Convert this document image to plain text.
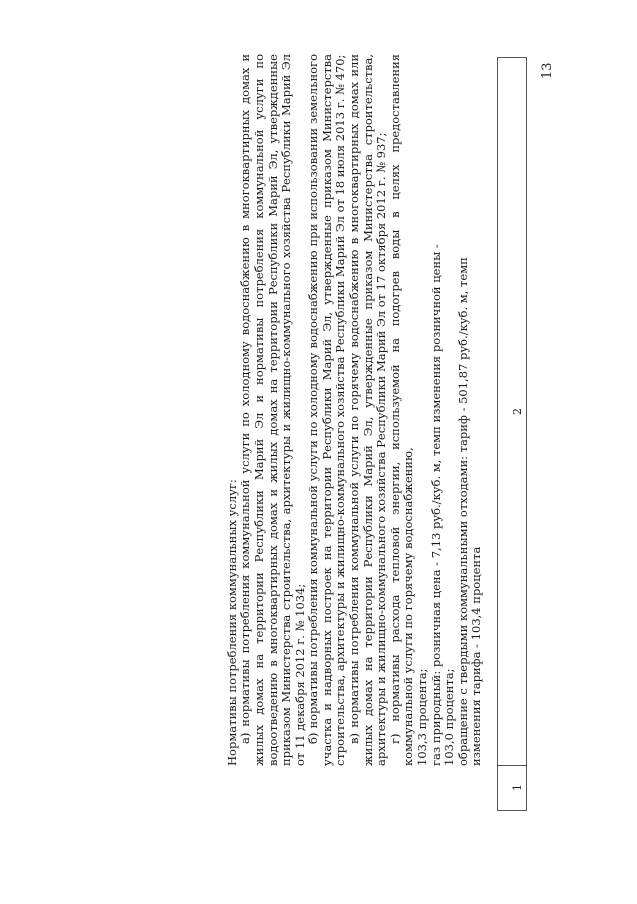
13
1
2

103,3 процента; газ природный: розничная цена - 7,13 руб./куб. м, темп изменения розничной цены - 103,0 процента; обращение с твердыми коммунальными отходами: тариф - 501,87 руб./куб. м, темп изменения тарифа - 103,4 процента

Нормативы потребления коммунальных услуг: а) нормативы потребления коммунальной услуги по холодному водоснабжению в многоквартирных домах и жилых домах на территории Республики Марий Эл и нормативы потребления коммунальной услуги по водоотведению в многоквартирных домах и жилых домах на территории Республики Марий Эл, утвержденные приказом Министерства строительства, архитектуры и жилищно-коммунального хозяйства Республики Марий Эл от 11 декабря 2012 г. № 1034; б) нормативы потребления коммунальной услуги по холодному водоснабжению при использовании земельного участка и надворных построек на территории Республики Марий Эл, утвержденные приказом Министерства строительства, архитектуры и жилищно-коммунального хозяйства Республики Марий Эл от 18 июля 2013 г. № 470; в) нормативы потребления коммунальной услуги по горячему водоснабжению в многоквартирных домах или жилых домах на территории Республики Марий Эл, утвержденные приказом Министерства строительства, архитектуры и жилищно-коммунального хозяйства Республики Марий Эл от 17 октября 2012 г. № 937; г) нормативы расхода тепловой энергии, используемой на подогрев воды в целях предоставления коммунальной услуги по горячему водоснабжению,
